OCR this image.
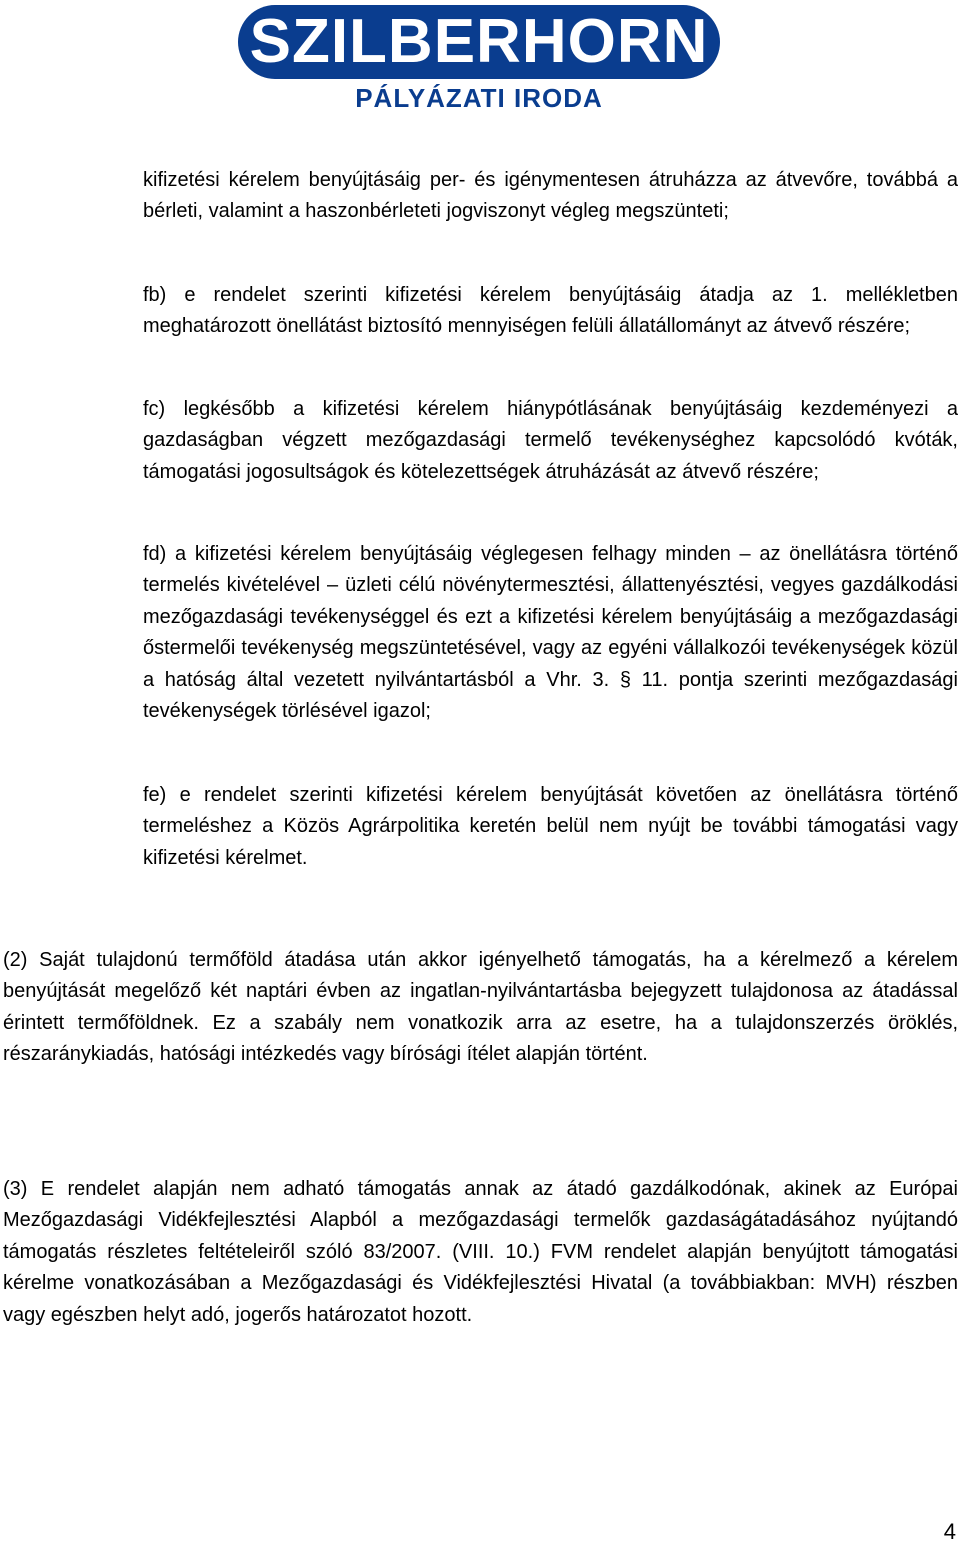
SZILBERHORN
PÁLYÁZATI IRODA

kifizetési kérelem benyújtásáig per- és igénymentesen átruházza az átvevőre, továbbá a bérleti, valamint a haszonbérleteti jogviszonyt végleg megszünteti;

fb) e rendelet szerinti kifizetési kérelem benyújtásáig átadja az 1. mellékletben meghatározott önellátást biztosító mennyiségen felüli állatállományt az átvevő részére;

fc) legkésőbb a kifizetési kérelem hiánypótlásának benyújtásáig kezdeményezi a gazdaságban végzett mezőgazdasági termelő tevékenységhez kapcsolódó kvóták, támogatási jogosultságok és kötelezettségek átruházását az átvevő részére;

fd) a kifizetési kérelem benyújtásáig véglegesen felhagy minden – az önellátásra történő termelés kivételével – üzleti célú növénytermesztési, állattenyésztési, vegyes gazdálkodási mezőgazdasági tevékenységgel és ezt a kifizetési kérelem benyújtásáig a mezőgazdasági őstermelői tevékenység megszüntetésével, vagy az egyéni vállalkozói tevékenységek közül a hatóság által vezetett nyilvántartásból a Vhr. 3. § 11. pontja szerinti mezőgazdasági tevékenységek törlésével igazol;

fe) e rendelet szerinti kifizetési kérelem benyújtását követően az önellátásra történő termeléshez a Közös Agrárpolitika keretén belül nem nyújt be további támogatási vagy kifizetési kérelmet.

(2) Saját tulajdonú termőföld átadása után akkor igényelhető támogatás, ha a kérelmező a kérelem benyújtását megelőző két naptári évben az ingatlan-nyilvántartásba bejegyzett tulajdonosa az átadással érintett termőföldnek. Ez a szabály nem vonatkozik arra az esetre, ha a tulajdonszerzés öröklés, részaránykiadás, hatósági intézkedés vagy bírósági ítélet alapján történt.

(3) E rendelet alapján nem adható támogatás annak az átadó gazdálkodónak, akinek az Európai Mezőgazdasági Vidékfejlesztési Alapból a mezőgazdasági termelők gazdaságátadásához nyújtandó támogatás részletes feltételeiről szóló 83/2007. (VIII. 10.) FVM rendelet alapján benyújtott támogatási kérelme vonatkozásában a Mezőgazdasági és Vidékfejlesztési Hivatal (a továbbiakban: MVH) részben vagy egészben helyt adó, jogerős határozatot hozott.

4
